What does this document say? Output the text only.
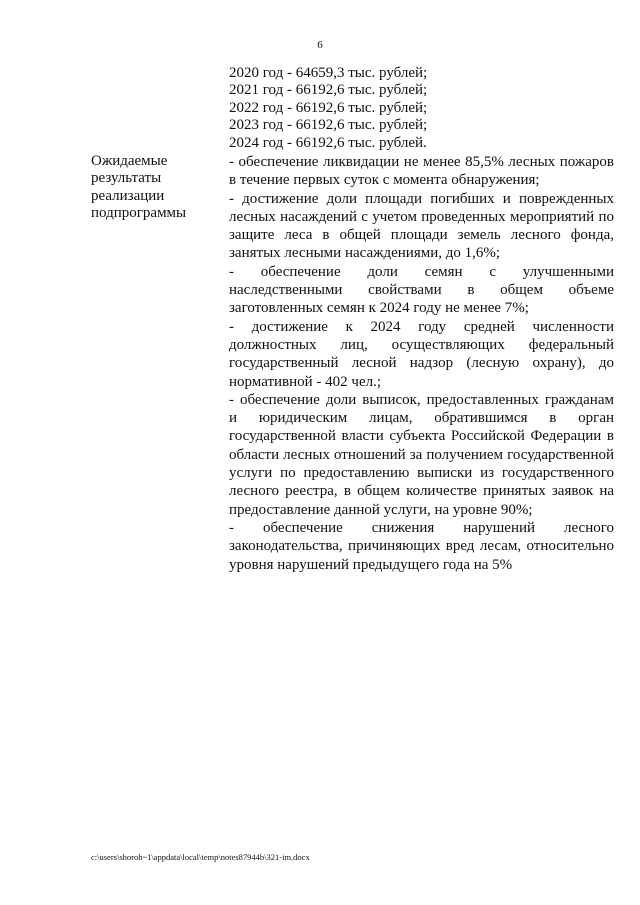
6
2020 год - 64659,3 тыс. рублей;
2021 год - 66192,6 тыс. рублей;
2022 год - 66192,6 тыс. рублей;
2023 год - 66192,6 тыс. рублей;
2024 год - 66192,6 тыс. рублей.
Ожидаемые
результаты
реализации
подпрограммы

- обеспечение ликвидации не менее 85,5% лесных пожаров в течение первых суток с момента обнаружения;

- достижение доли площади погибших и поврежденных лесных насаждений с учетом проведенных мероприятий по защите леса в общей площади земель лесного фонда, занятых лесными насаждениями, до 1,6%;

- обеспечение доли семян с улучшенными наследственными свойствами в общем объеме заготовленных семян к 2024 году не менее 7%;

- достижение к 2024 году средней численности должностных лиц, осуществляющих федеральный государственный лесной надзор (лесную охрану), до нормативной - 402 чел.;

- обеспечение доли выписок, предоставленных гражданам и юридическим лицам, обратившимся в орган государственной власти субъекта Российской Федерации в области лесных отношений за получением государственной услуги по предоставлению выписки из государственного лесного реестра, в общем количестве принятых заявок на предоставление данной услуги, на уровне 90%;

- обеспечение снижения нарушений лесного законодательства, причиняющих вред лесам, относительно уровня нарушений предыдущего года на 5%

c:\users\shoroh~1\appdata\local\temp\notes87944b\321-im.docx
